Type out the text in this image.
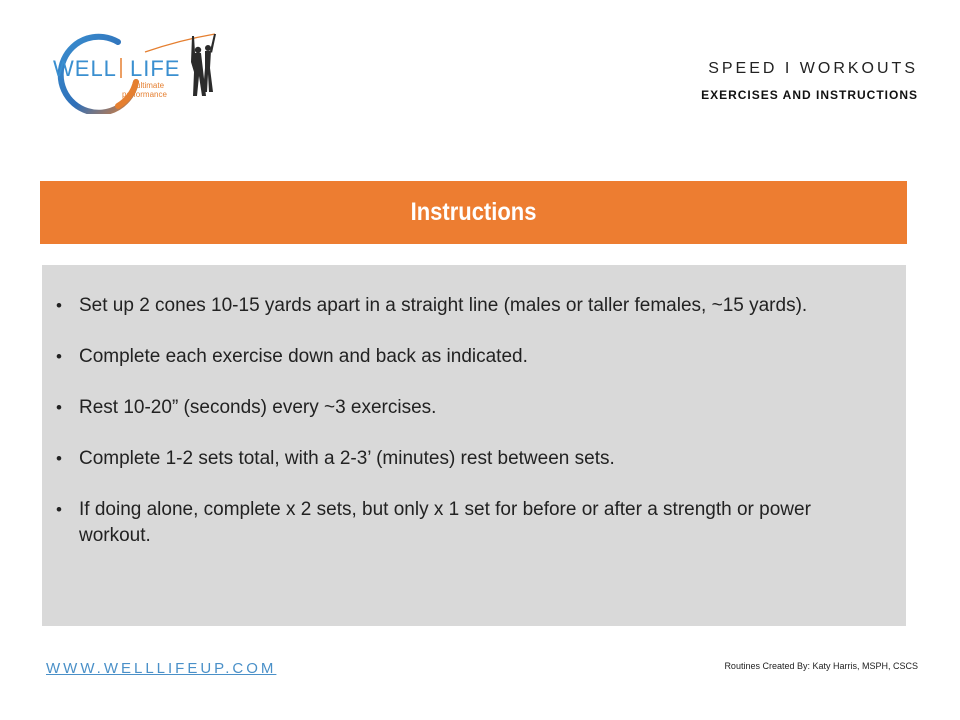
WELL LIFE
ultimate
performance
SPEED I WORKOUTS
EXERCISES AND INSTRUCTIONS
Instructions
• Set up 2 cones 10-15 yards apart in a straight line (males or taller females, ~15 yards).
• Complete each exercise down and back as indicated.
• Rest 10-20” (seconds) every ~3 exercises.
• Complete 1-2 sets total, with a 2-3’ (minutes) rest between sets.
• If doing alone, complete x 2 sets, but only x 1 set for before or after a strength or power workout.
WWW.WELLLIFEUP.COM	Routines Created By: Katy Harris, MSPH, CSCS
